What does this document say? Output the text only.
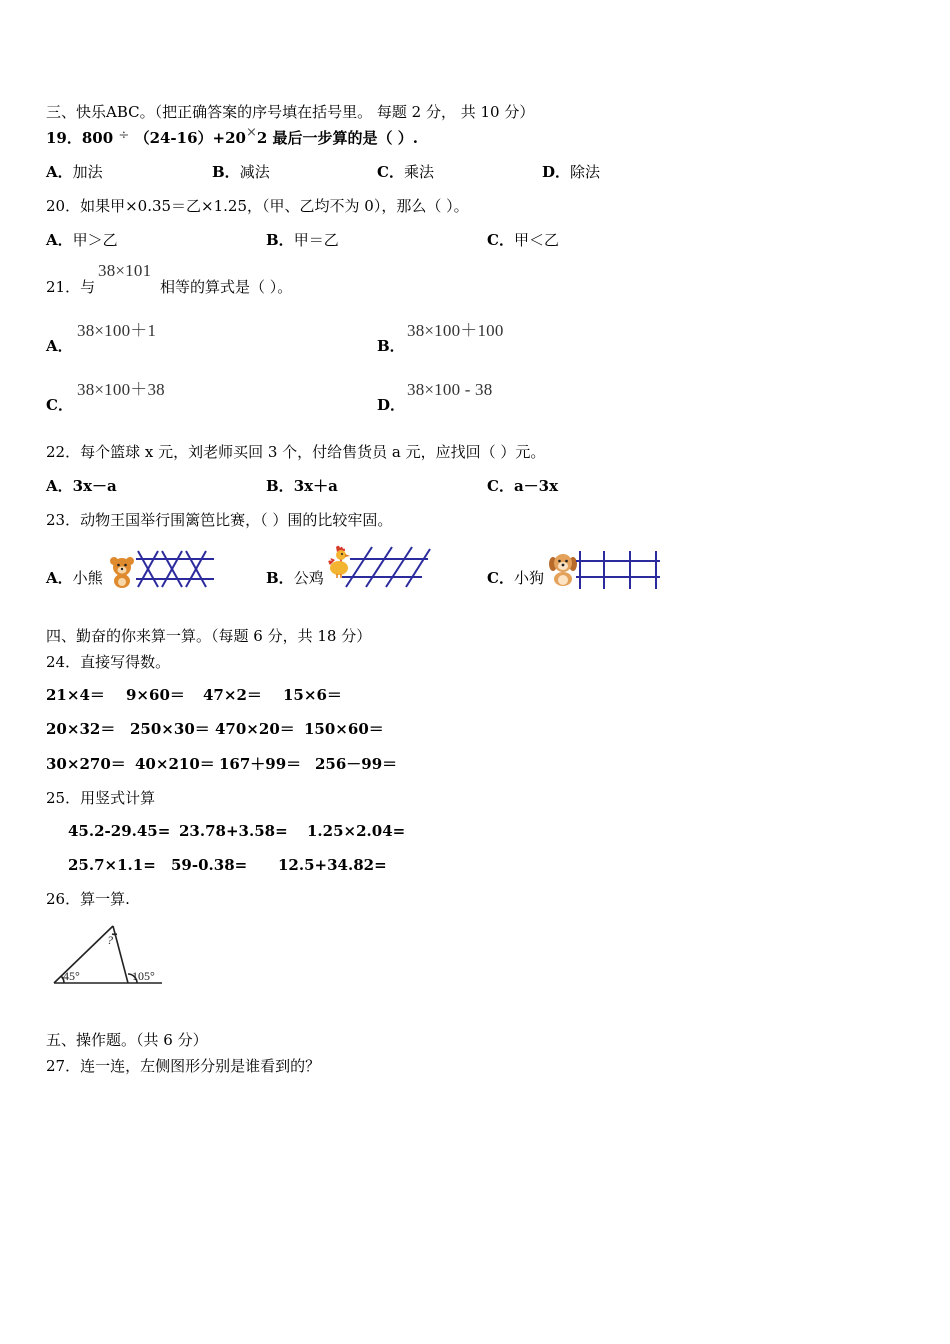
三、快乐ABC。（把正确答案的序号填在括号里。 每题 2 分， 共 10 分）
19．800 ÷ （24-16）+20×2 最后一步算的是（ ）.
A．加法	B．减法	C．乘法	D．除法
20．如果甲×0.35＝乙×1.25，（甲、乙均不为 0），那么（ ）。
A．甲＞乙	B．甲＝乙	C．甲＜乙
21．与
38×101
相等的算式是（ ）。
A．
38×100＋1
B．
38×100＋100
C．
38×100＋38
D．
38×100 - 38
22．每个篮球 x 元，刘老师买回 3 个，付给售货员 a 元，应找回（ ）元。
A．3x－a	B．3x＋a	C．a－3x
23．动物王国举行围篱笆比赛，（ ）围的比较牢固。
A．小熊	B．公鸡	C．小狗
四、勤奋的你来算一算。（每题 6 分，共 18 分）
24．直接写得数。
21×4＝ 9×60＝ 47×2＝ 15×6＝
20×32＝ 250×30＝ 470×20＝ 150×60＝
30×270＝ 40×210＝ 167＋99＝ 256－99＝
25．用竖式计算
45.2-29.45= 23.78+3.58= 1.25×2.04=
25.7×1.1= 59-0.38= 12.5+34.82=
26．算一算.
45°
?
105°
五、操作题。（共 6 分）
27．连一连，左侧图形分别是谁看到的？
